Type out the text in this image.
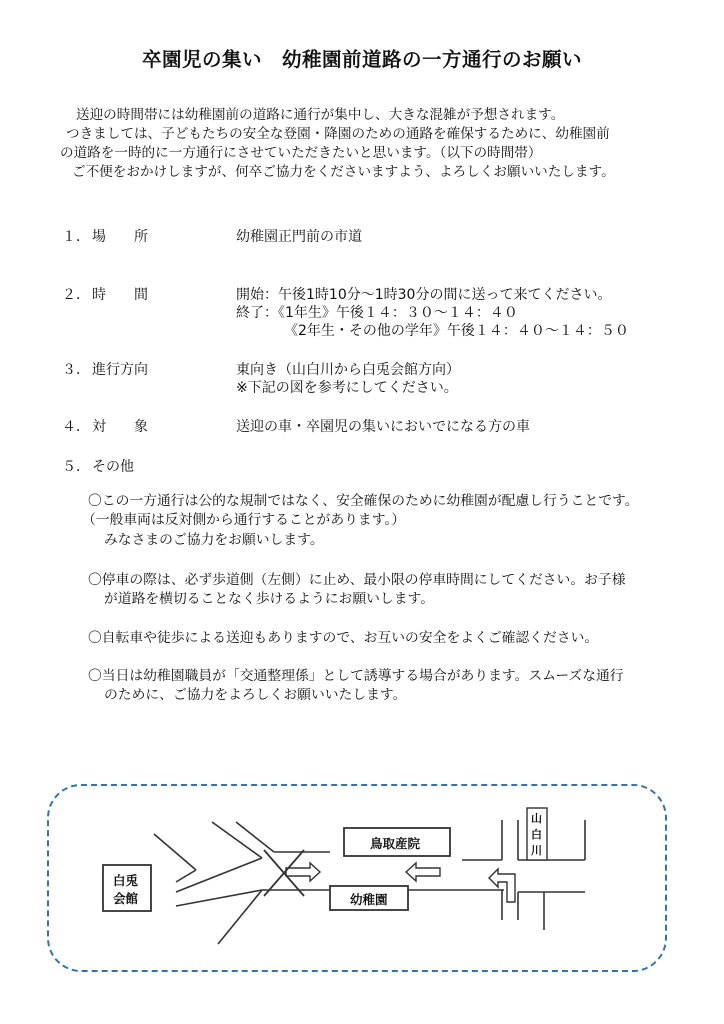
卒園児の集い　幼稚園前道路の一方通行のお願い
送迎の時間帯には幼稚園前の道路に通行が集中し、大きな混雑が予想されます。
つきましては、子どもたちの安全な登園・降園のための通路を確保するために、幼稚園前
の道路を一時的に一方通行にさせていただきたいと思います。（以下の時間帯）
ご不便をおかけしますが、何卒ご協力をくださいますよう、よろしくお願いいたします。
１． 場　　所	幼稚園正門前の市道
２． 時　　間	開始：午後1時10分～1時30分の間に送って来てください。
終了：《1年生》午後１４：３０～１４：４０
《2年生・その他の学年》午後１４：４０～１４：５０
３． 進行方向	東向き（山白川から白兎会館方向）
※下記の図を参考にしてください。
４． 対　　象	送迎の車・卒園児の集いにおいでになる方の車
５． その他
〇この一方通行は公的な規制ではなく、安全確保のために幼稚園が配慮し行うことです。
（一般車両は反対側から通行することがあります。）
みなさまのご協力をお願いします。
〇停車の際は、必ず歩道側（左側）に止め、最小限の停車時間にしてください。お子様
が道路を横切ることなく歩けるようにお願いします。
〇自転車や徒歩による送迎もありますので、お互いの安全をよくご確認ください。
〇当日は幼稚園職員が「交通整理係」として誘導する場合があります。スムーズな通行
のために、ご協力をよろしくお願いいたします。
白兎
会館
鳥取産院
幼稚園
山
白
川
